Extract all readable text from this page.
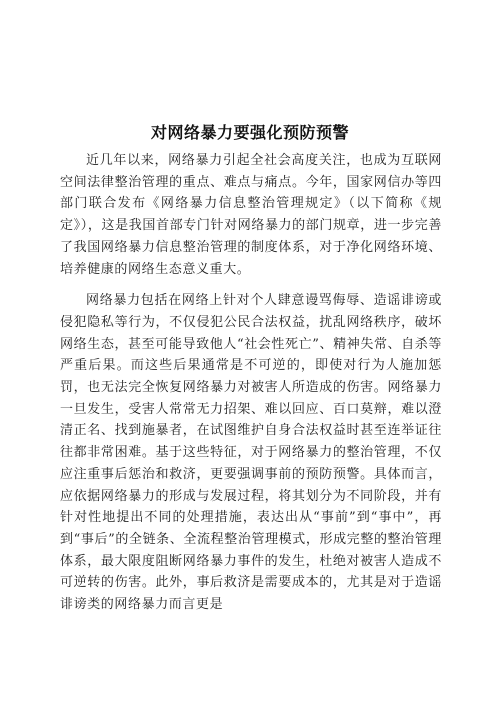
对网络暴力要强化预防预警

近几年以来，网络暴力引起全社会高度关注，也成为互联网空间法律整治管理的重点、难点与痛点。今年，国家网信办等四部门联合发布《网络暴力信息整治管理规定》（以下简称《规定》），这是我国首部专门针对网络暴力的部门规章，进一步完善了我国网络暴力信息整治管理的制度体系，对于净化网络环境、培养健康的网络生态意义重大。

网络暴力包括在网络上针对个人肆意谩骂侮辱、造谣诽谤或侵犯隐私等行为，不仅侵犯公民合法权益，扰乱网络秩序，破坏网络生态，甚至可能导致他人“社会性死亡”、精神失常、自杀等严重后果。而这些后果通常是不可逆的，即使对行为人施加惩罚，也无法完全恢复网络暴力对被害人所造成的伤害。网络暴力一旦发生，受害人常常无力招架、难以回应、百口莫辩，难以澄清正名、找到施暴者，在试图维护自身合法权益时甚至连举证往往都非常困难。基于这些特征，对于网络暴力的整治管理，不仅应注重事后惩治和救济，更要强调事前的预防预警。具体而言，应依据网络暴力的形成与发展过程，将其划分为不同阶段，并有针对性地提出不同的处理措施，表达出从“事前”到“事中”，再到“事后”的全链条、全流程整治管理模式，形成完整的整治管理体系，最大限度阻断网络暴力事件的发生，杜绝对被害人造成不可逆转的伤害。此外，事后救济是需要成本的，尤其是对于造谣诽谤类的网络暴力而言更是
